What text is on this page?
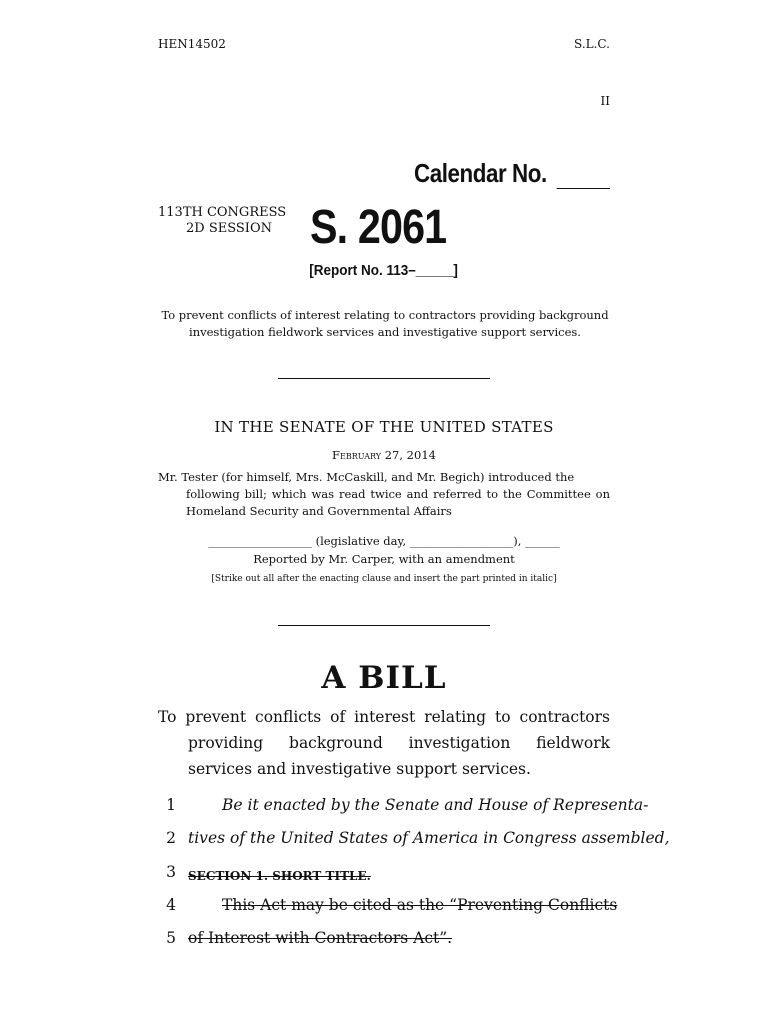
HEN14502	S.L.C.
II
Calendar No.
113TH CONGRESS
2D SESSION S. 2061
[Report No. 113–_____]
To prevent conflicts of interest relating to contractors providing background investigation fieldwork services and investigative support services.
IN THE SENATE OF THE UNITED STATES
February 27, 2014
Mr. Tester (for himself, Mrs. McCaskill, and Mr. Begich) introduced the
following bill; which was read twice and referred to the Committee on Homeland Security and Governmental Affairs
__________________ (legislative day, __________________), ______
Reported by Mr. Carper, with an amendment
[Strike out all after the enacting clause and insert the part printed in italic]
A BILL
To prevent conflicts of interest relating to contractors providing background investigation fieldwork services and investigative support services.
1	Be it enacted by the Senate and House of Representa-
2 tives of the United States of America in Congress assembled,
3 SECTION 1. SHORT TITLE.
4	This Act may be cited as the “Preventing Conflicts
5 of Interest with Contractors Act”.
